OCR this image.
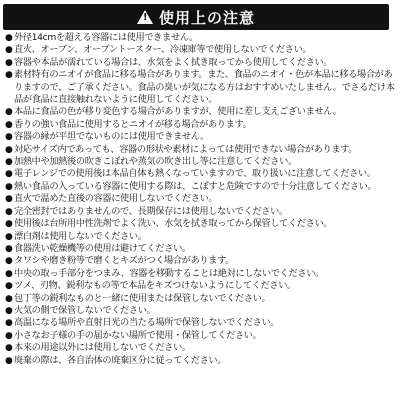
! 使用上の注意
● 外径14cmを超える容器には使用できません。
● 直火、オーブン、オーブントースター、冷凍庫等で使用しないでください。
● 容器や本品が濡れている場合は、水気をよく拭き取ってから使用してください。
● 素材特有のニオイが食品に移る場合があります。また、食品のニオイ・色が本品に移る場合がありますので、ご了承ください。食品の臭いが気になる方はおすすめいたしません。でさるだけ本品が食品に直接触れないように使用してください。
● 本品に食品の色が移り変色する場合がありますが、使用に差し支えございません。
● 香りの強い食品に使用するとニオイが移る場合があります。
● 容器の縁が平坦でないものには使用できません。
● 対応サイズ内であっても、容器の形状や素材によっては使用できない場合があります。
● 加熱中や加熱後の吹きこぼれや蒸気の吹き出し等に注意してください。
● 電子レンジでの使用後は本品自体も熱くなっていますので、取り扱いに注意してください。
● 熱い食品の入っている容器に使用する際は、こぼすと危険ですので十分注意してください。
● 直火で温めた直後の容器に使用しないでください。
● 完全密封ではありませんので、長期保存には使用しないでください。
● 使用後は台所用中性洗剤でよく洗い、水気を拭き取ってから保管してください。
● 漂白剤は使用しないでください。
● 食器洗い乾燥機等の使用は避けてください。
● タワシや磨き粉等で磨くとキズがつく場合があります。
● 中央の取っ手部分をつまみ、容器を移動することは絶対にしないでください。
● ツメ、刃物、鋭利なもの等で本品をキズつけないようにしてください。
● 包丁等の鋭利なものと一緒に使用または保管しないでください。
● 火気の側で保管しないでください。
● 高温になる場所や直射日光の当たる場所で保管しないでください。
● 小さなお子様の手の届かない場所で使用・保管してください。
● 本来の用途以外には使用しないでください。
● 廃棄の際は、各自治体の廃棄区分に従ってください。
